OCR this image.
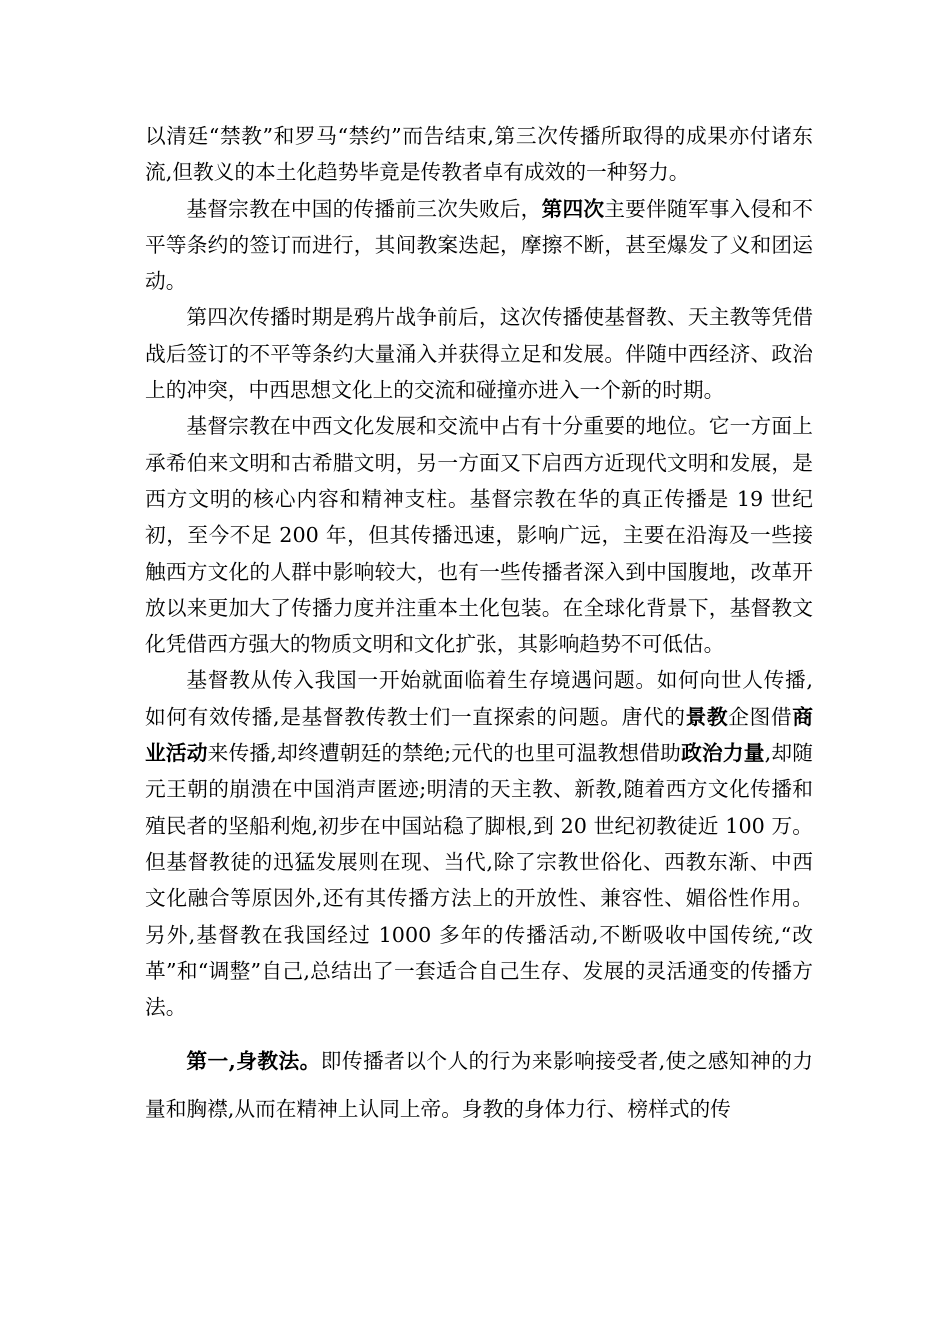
以清廷“禁教”和罗马“禁约”而告结束,第三次传播所取得的成果亦付诸东流,但教义的本土化趋势毕竟是传教者卓有成效的一种努力。

基督宗教在中国的传播前三次失败后，第四次主要伴随军事入侵和不平等条约的签订而进行，其间教案迭起，摩擦不断，甚至爆发了义和团运动。

第四次传播时期是鸦片战争前后，这次传播使基督教、天主教等凭借战后签订的不平等条约大量涌入并获得立足和发展。伴随中西经济、政治上的冲突，中西思想文化上的交流和碰撞亦进入一个新的时期。

基督宗教在中西文化发展和交流中占有十分重要的地位。它一方面上承希伯来文明和古希腊文明，另一方面又下启西方近现代文明和发展，是西方文明的核心内容和精神支柱。基督宗教在华的真正传播是 19 世纪初，至今不足 200 年，但其传播迅速，影响广远，主要在沿海及一些接触西方文化的人群中影响较大，也有一些传播者深入到中国腹地，改革开放以来更加大了传播力度并注重本土化包装。在全球化背景下，基督教文化凭借西方强大的物质文明和文化扩张，其影响趋势不可低估。

基督教从传入我国一开始就面临着生存境遇问题。如何向世人传播,如何有效传播,是基督教传教士们一直探索的问题。唐代的景教企图借商业活动来传播,却终遭朝廷的禁绝;元代的也里可温教想借助政治力量,却随元王朝的崩溃在中国消声匿迹;明清的天主教、新教,随着西方文化传播和殖民者的坚船利炮,初步在中国站稳了脚根,到 20 世纪初教徒近 100 万。但基督教徒的迅猛发展则在现、当代,除了宗教世俗化、西教东渐、中西文化融合等原因外,还有其传播方法上的开放性、兼容性、媚俗性作用。另外,基督教在我国经过 1000 多年的传播活动,不断吸收中国传统,“改革”和“调整”自己,总结出了一套适合自己生存、发展的灵活通变的传播方法。

第一,身教法。即传播者以个人的行为来影响接受者,使之感知神的力量和胸襟,从而在精神上认同上帝。身教的身体力行、榜样式的传
